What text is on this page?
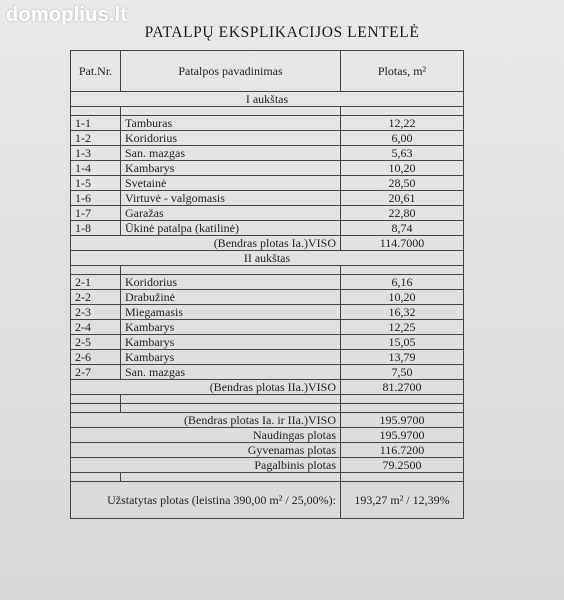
domoplius.lt
PATALPŲ EKSPLIKACIJOS LENTELĖ
Pat.Nr.	Patalpos pavadinimas	Plotas, m²
I aukštas		

1-1	Tamburas	12,22
1-2	Koridorius	6,00
1-3	San. mazgas	5,63
1-4	Kambarys	10,20
1-5	Svetainė	28,50
1-6	Virtuvė - valgomasis	20,61
1-7	Garažas	22,80
1-8	Ūkinė patalpa (katilinė)	8,74
(Bendras plotas Ia.)VISO		114.7000
II aukštas		

2-1	Koridorius	6,16
2-2	Drabužinė	10,20
2-3	Miegamasis	16,32
2-4	Kambarys	12,25
2-5	Kambarys	15,05
2-6	Kambarys	13,79
2-7	San. mazgas	7,50
(Bendras plotas IIa.)VISO		81.2700

(Bendras plotas Ia. ir IIa.)VISO		195.9700
Naudingas plotas		195.9700
Gyvenamas plotas		116.7200
Pagalbinis plotas		79.2500

Užstatytas plotas (leistina 390,00 m² / 25,00%):		193,27 m² / 12,39%
